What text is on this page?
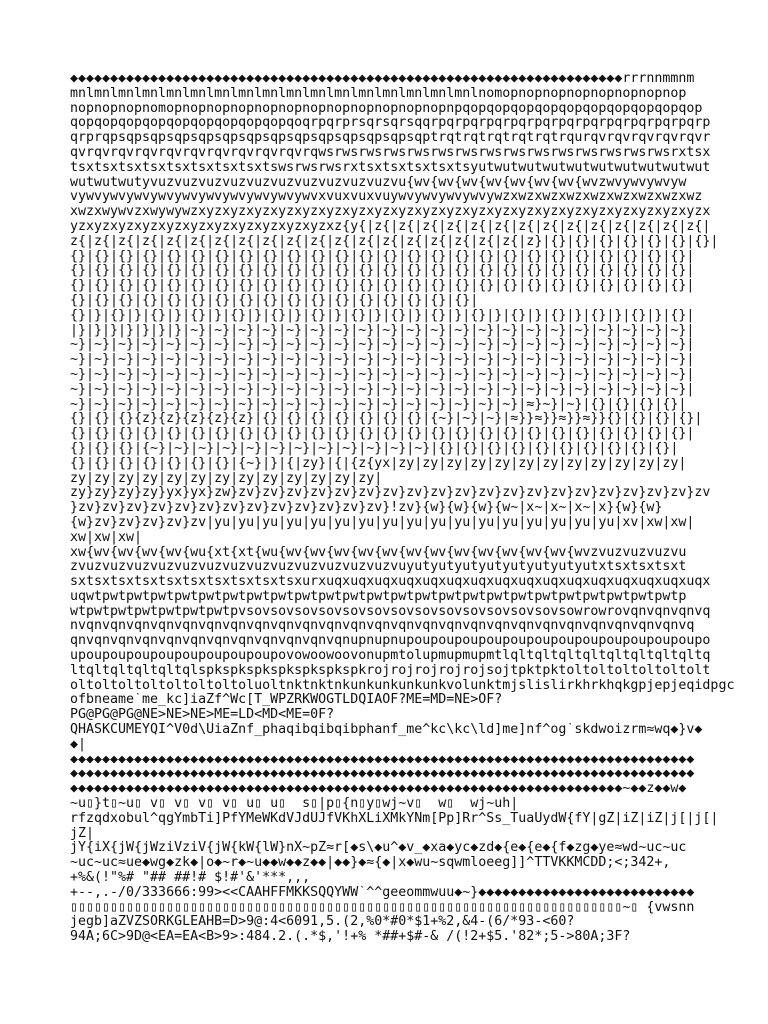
◆◆◆◆◆◆◆◆◆◆◆◆◆◆◆◆◆◆◆◆◆◆◆◆◆◆◆◆◆◆◆◆◆◆◆◆◆◆◆◆◆◆◆◆◆◆◆◆◆◆◆◆◆◆◆◆◆◆◆◆◆◆◆◆◆◆◆◆◆rrrnnmmnm
mnlmnlmnlmnlmnlmnlmnlmnlmnlmnlmnlmnlmnlmnlmnlmnlmnlnomopnopnopnopnopnopnopnop
nopnopnopnomopnopnopnopnopnopnopnopnopnopnopnopnpqopqopqopqopqopqopqopqopqopqop
qopqopqopqopqopqopqopqopqopqoqrpqrprsqrsqrsqqrpqrpqrpqrpqrpqrpqrpqrpqrpqrpqrpqrp
qrprqpsqpsqpsqpsqpsqpsqpsqpsqpsqpsqpsqpsqpsqptrqtrqtrqtrqtrqtrqurqvrqvrqvrqvrqvr
qvrqvrqvrqvrqvrqvrqvrqvrqvrqvrqwsrwsrwsrwsrwsrwsrwsrwsrwsrwsrwsrwsrwsrwsrwsrxtsx
tsxtsxtsxtsxtsxtsxtsxtsxtswsrwsrwsrxtsxtsxtsxtsxtsyutwutwutwutwutwutwutwutwutwut
wutwutwutyvuzvuzvuzvuzvuzvuzvuzvuzvuzvuzvu{wv{wv{wv{wv{wv{wv{wv{wvzwvywvywvyw
vywvywvywvywvywvywvywvywvywvywvxvuxvuxvuywvywvywvywvywzxwzxwzxwzxwzxwzxwzxwzxwz
xwzxwywvzxwywywzxyzxyzxyzxyzxyzxyzxyzxyzxyzxyzxyzxyzxyzxyzxyzxyzxyzxyzxyzxyzxyzx
yzxyzxyzxyzxyzxyzxyzxyzxyzxyzxyzxz{y{|z{|z{|z{|z{|z{|z{|z{|z{|z{|z{|z{|z{|z{|z{|
z{|z{|z{|z{|z{|z{|z{|z{|z{|z{|z{|z{|z{|z{|z{|z{|z{|z{|z{|z}|{}|{}|{}|{}|{}|{}|{}|
{}|{}|{}|{}|{}|{}|{}|{}|{}|{}|{}|{}|{}|{}|{}|{}|{}|{}|{}|{}|{}|{}|{}|{}|{}|{}|
{}|{}|{}|{}|{}|{}|{}|{}|{}|{}|{}|{}|{}|{}|{}|{}|{}|{}|{}|{}|{}|{}|{}|{}|{}|{}|
{}|{}|{}|{}|{}|{}|{}|{}|{}|{}|{}|{}|{}|{}|{}|{}|{}|{}|{}|{}|{}|{}|{}|{}|{}|{}|
{}|{}|{}|{}|{}|{}|{}|{}|{}|{}|{}|{}|{}|{}|{}|{}|{}|
{}|}|{}|}|{}|}|{}|}|{}|}|{}|}|{}|}|{}|}|{}|}|{}|}|{}|}|{}|}|{}|}|{}|}|{}|}|{}|
|}|}|}|}|}|}|}|~}|~}|~}|~}|~}|~}|~}|~}|~}|~}|~}|~}|~}|~}|~}|~}|~}|~}|~}|~}|~}|
~}|~}|~}|~}|~}|~}|~}|~}|~}|~}|~}|~}|~}|~}|~}|~}|~}|~}|~}|~}|~}|~}|~}|~}|~}|~}|
~}|~}|~}|~}|~}|~}|~}|~}|~}|~}|~}|~}|~}|~}|~}|~}|~}|~}|~}|~}|~}|~}|~}|~}|~}|~}|
~}|~}|~}|~}|~}|~}|~}|~}|~}|~}|~}|~}|~}|~}|~}|~}|~}|~}|~}|~}|~}|~}|~}|~}|~}|~}|
~}|~}|~}|~}|~}|~}|~}|~}|~}|~}|~}|~}|~}|~}|~}|~}|~}|~}|~}|~}|~}|~}|~}|~}|~}|~}|
~}|~}|~}|~}|~}|~}|~}|~}|~}|~}|~}|~}|~}|~}|~}|~}|~}|~}|~}|≈}~}|~}|{}|{}|{}|{}|
{}|{}|{}{z}{z}{z}{z}{z}|{}|{}|{}|{}|{}|{}|{}|{~}|~}|~}|≈}}≈}}≈}}≈}}{}|{}|{}|{}|
{}|{}|{}|{}|{}|{}|{}|{}|{}|{}|{}|{}|{}|{}|{}|{}|{}|{}|{}|{}|{}|{}|{}|{}|{}|{}|
{}|{}|{}|{~}|~}|~}|~}|~}|~}|~}|~}|~}|~}|~}|~}|{}|{}|{}|{}|{}|{}|{}|{}|{}|{}|
{}|{}|{}|{}|{}|{}|{}|{~}|}|{|zy}|{|{z{yx|zy|zy|zy|zy|zy|zy|zy|zy|zy|zy|zy|zy|
zy|zy|zy|zy|zy|zy|zy|zy|zy|zy|zy|zy|zy|
zy}zy}zy}zy}yx}yx}zw}zv}zv}zv}zv}zv}zv}zv}zv}zv}zv}zv}zv}zv}zv}zv}zv}zv}zv}zv}zv
}zv}zv}zv}zv}zv}zv}zv}zv}zv}zv}zv}zv}zv}!zv}{w}{w}{w}{w~|x~|x~|x~|x}{w}{w}
{w}zv}zv}zv}zv}zv|yu|yu|yu|yu|yu|yu|yu|yu|yu|yu|yu|yu|yu|yu|yu|yu|yu|xv|xw|xw|
xw|xw|xw|
xw{wv{wv{wv{wv{wu{xt{xt{wu{wv{wv{wv{wv{wv{wv{wv{wv{wv{wv{wv{wv{wvzvuzvuzvuzvu
zvuzvuzvuzvuzvuzvuzvuzvuzvuzvuzvuzvuzvuzvuyutyutyutyutyutyutyutyutxtsxtsxtsxt
sxtsxtsxtsxtsxtsxtsxtsxtsxtsxurxuqxuqxuqxuqxuqxuqxuqxuqxuqxuqxuqxuqxuqxuqxuqxuqx
uqwtpwtpwtpwtpwtpwtpwtpwtpwtpwtpwtpwtpwtpwtpwtpwtpwtpwtpwtpwtpwtpwtpwtpwtpwtp
wtpwtpwtpwtpwtpwtpwtpvsovsovsovsovsovsovsovsovsovsovsovsovsovsowrowrovqnvqnvqnvq
nvqnvqnvqnvqnvqnvqnvqnvqnvqnvqnvqnvqnvqnvqnvqnvqnvqnvqnvqnvqnvqnvqnvqnvqnvqnvq
qnvqnvqnvqnvqnvqnvqnvqnvqnvqnvqnvqnupnupnupoupoupoupoupoupoupoupoupoupoupoupoupo
upoupoupoupoupoupoupoupoupovowoowoovonupmtolupmupmupmtlqltqltqltqltqltqltqltqltq
ltqltqltqltqltqlspkspkspkspkspkspkspkrojrojrojrojrojsojtpktpktoltoltoltoltoltolt
oltoltoltoltoltoltoltoluoltnktnktnkunkunkunkunkvolunktmjslislirkhrkhqkgpjepjeqidpgc
ofbneame`me_kc]iaZf^Wc[T_WPZRKWOGTLDQIAOF?ME=MD=NE>OF?
PG@PG@PG@NE>NE>NE>ME=LD<MD<ME=0F?
QHASKCUMEYQI^V0d\UiaZnf_phaqibqibqibphanf_me^kc\kc\ld]me]nf^og`skdwoizrm≈wq◆}v◆
◆|
◆◆◆◆◆◆◆◆◆◆◆◆◆◆◆◆◆◆◆◆◆◆◆◆◆◆◆◆◆◆◆◆◆◆◆◆◆◆◆◆◆◆◆◆◆◆◆◆◆◆◆◆◆◆◆◆◆◆◆◆◆◆◆◆◆◆◆◆◆◆◆◆◆◆◆◆◆◆
◆◆◆◆◆◆◆◆◆◆◆◆◆◆◆◆◆◆◆◆◆◆◆◆◆◆◆◆◆◆◆◆◆◆◆◆◆◆◆◆◆◆◆◆◆◆◆◆◆◆◆◆◆◆◆◆◆◆◆◆◆◆◆◆◆◆◆◆◆◆◆◆◆◆◆◆◆◆
◆◆◆◆◆◆◆◆◆◆◆◆◆◆◆◆◆◆◆◆◆◆◆◆◆◆◆◆◆◆◆◆◆◆◆◆◆◆◆◆◆◆◆◆◆◆◆◆◆◆◆◆◆◆◆◆◆◆◆◆◆◆◆◆◆◆◆◆◆~◆◆z◆◆w◆
~u▯}t▯~u▯ v▯ v▯ v▯ v▯ u▯ u▯  s▯|p▯{n▯y▯wj~v▯  w▯  wj~uh|
rfzqdxobul^qgYmbTi]PfYMeWKdVJdUJfVKhXLiXMkYNm[Pp]Rr^Ss_TuaUydW{fY|gZ|iZ|iZ|j[|j[|
jZ|
jY{iX{jW{jWziVziV{jW{kW{lW}nX~pZ≈r[◆s\◆u^◆v_◆xa◆yc◆zd◆{e◆{e◆{f◆zg◆ye≈wd~uc~uc
~uc~uc≈ue◆wg◆zk◆|o◆~r◆~u◆◆w◆◆z◆◆|◆◆}◆≈{◆|x◆wu~sqwmloeeg]]^TTVKKMCDD;<;342+,
+%&(!"%# "## ##!# $!#'&'***,,,
+--,.-/0/333666:99><<CAAHFFMKKSQQYWW`^^geeommwuu◆~}◆◆◆◆◆◆◆◆◆◆◆◆◆◆◆◆◆◆◆◆◆◆◆◆◆◆◆
▯▯▯▯▯▯▯▯▯▯▯▯▯▯▯▯▯▯▯▯▯▯▯▯▯▯▯▯▯▯▯▯▯▯▯▯▯▯▯▯▯▯▯▯▯▯▯▯▯▯▯▯▯▯▯▯▯▯▯▯▯▯▯▯▯▯▯▯▯~▯ {vwsnn
jegb]aZVZSORKGLEAHB=D>9@:4<6091,5.(2,%0*#0*$1+%2,&4-(6/*93-<60?
94A;6C>9D@<EA=EA<B>9>:484.2.(.*$,'!+% *##+$#-& /(!2+$5.'82*;5->80A;3F?
